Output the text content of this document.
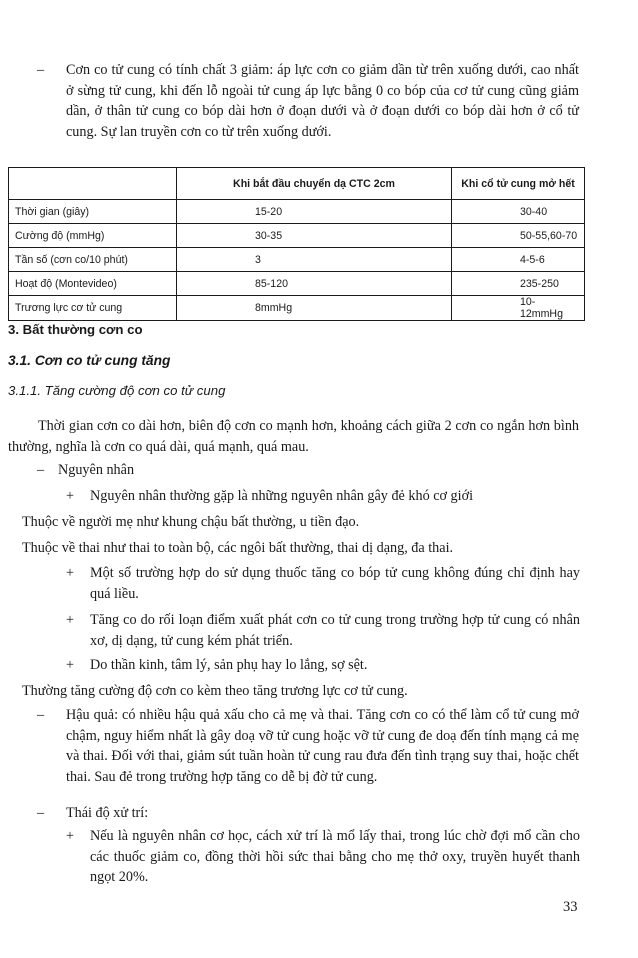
– Cơn co tử cung có tính chất 3 giảm: áp lực cơn co giảm dần từ trên xuống dưới, cao nhất ở sừng tử cung, khi đến lỗ ngoài tử cung áp lực bằng 0 co bóp của cơ tử cung cũng giảm dần, ở thân tử cung co bóp dài hơn ở đoạn dưới và ở đoạn dưới co bóp dài hơn ở cổ tử cung. Sự lan truyền cơn co từ trên xuống dưới.
	Khi bắt đầu chuyển dạ CTC 2cm	Khi cổ tử cung mở hết
Thời gian (giây)	15-20	30-40
Cường độ (mmHg)	30-35	50-55,60-70
Tần số (cơn co/10 phút)	3	4-5-6
Hoạt độ (Montevideo)	85-120	235-250
Trương lực cơ tử cung	8mmHg	10-12mmHg
3. Bất thường cơn co
3.1. Cơn co tử cung tăng
3.1.1. Tăng cường độ cơn co tử cung
Thời gian cơn co dài hơn, biên độ cơn co mạnh hơn, khoảng cách giữa 2 cơn co ngắn hơn bình thường, nghĩa là cơn co quá dài, quá mạnh, quá mau.
– Nguyên nhân
+ Nguyên nhân thường gặp là những nguyên nhân gây đẻ khó cơ giới
Thuộc về người mẹ như khung chậu bất thường, u tiền đạo.
Thuộc về thai như thai to toàn bộ, các ngôi bất thường, thai dị dạng, đa thai.
+ Một số trường hợp do sử dụng thuốc tăng co bóp tử cung không đúng chỉ định hay quá liều.
+ Tăng co do rối loạn điểm xuất phát cơn co tử cung trong trường hợp tử cung có nhân xơ, dị dạng, tử cung kém phát triển.
+ Do thần kinh, tâm lý, sản phụ hay lo lắng, sợ sệt.
Thường tăng cường độ cơn co kèm theo tăng trương lực cơ tử cung.
– Hậu quả: có nhiều hậu quả xấu cho cả mẹ và thai. Tăng cơn co có thể làm cổ tử cung mở chậm, nguy hiểm nhất là gây doạ vỡ tử cung hoặc vỡ tử cung đe doạ đến tính mạng cả mẹ và thai. Đối với thai, giảm sút tuần hoàn tử cung rau đưa đến tình trạng suy thai, hoặc chết thai. Sau đẻ trong trường hợp tăng co dễ bị đờ tử cung.
– Thái độ xử trí:
+ Nếu là nguyên nhân cơ học, cách xử trí là mổ lấy thai, trong lúc chờ đợi mổ cần cho các thuốc giảm co, đồng thời hồi sức thai bằng cho mẹ thở oxy, truyền huyết thanh ngọt 20%.
33
